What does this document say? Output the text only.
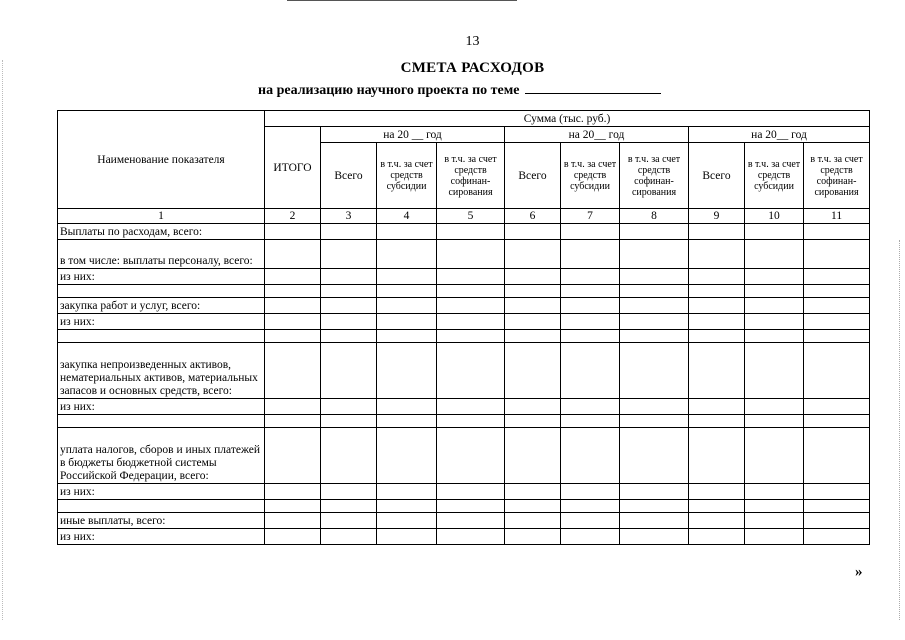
13
СМЕТА РАСХОДОВ
на реализацию научного проекта по теме
Наименование показателя	Сумма (тыс. руб.)									
	ИТОГО	на 20 __ год			на 20__ год			на 20__ год		
		Всего	в т.ч. за счет средств субсидии	в т.ч. за счет средств софинан- сирования	Всего	в т.ч. за счет средств субсидии	в т.ч. за счет средств софинан- сирования	Всего	в т.ч. за счет средств субсидии	в т.ч. за счет средств софинан- сирования
1	2	3	4	5	6	7	8	9	10	11
Выплаты по расходам, всего:										
в том числе: выплаты персоналу, всего:										
из них:										

закупка работ и услуг, всего:										
из них:										

закупка непроизведенных активов, нематериальных активов, материальных запасов и основных средств, всего:										
из них:										

уплата налогов, сборов и иных платежей в бюджеты бюджетной системы Российской Федерации, всего:										
из них:										

иные выплаты, всего:										
из них:										
»
